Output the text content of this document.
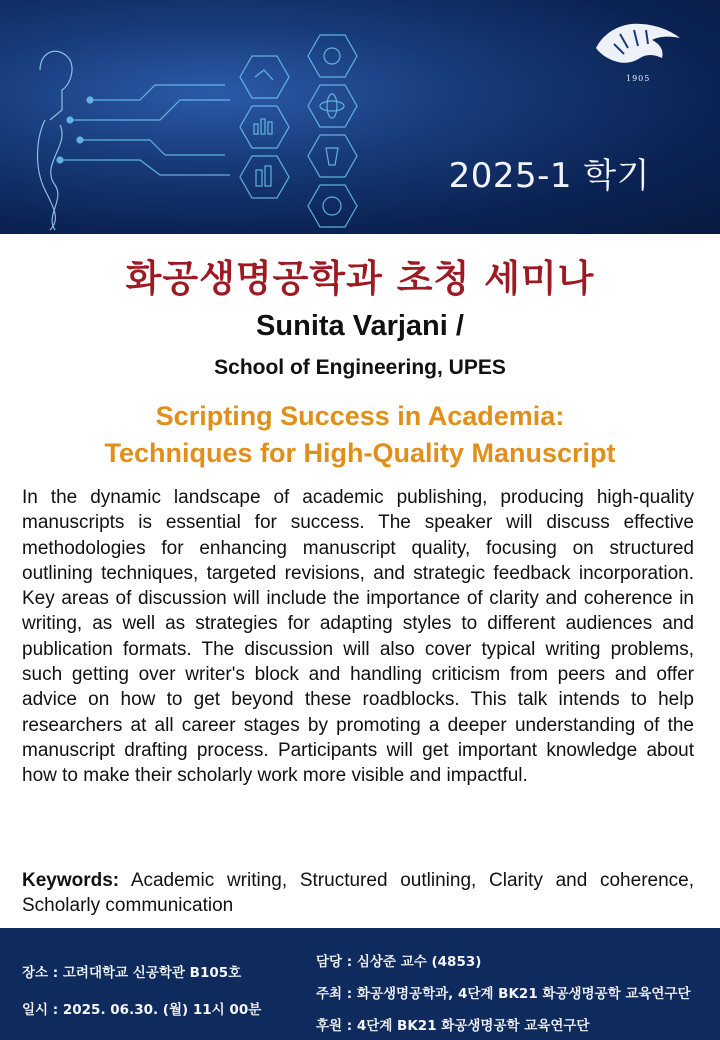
1905
2025-1 학기
화공생명공학과 초청 세미나
Sunita Varjani /
School of Engineering, UPES
Scripting Success in Academia:
Techniques for High-Quality Manuscript

In the dynamic landscape of academic publishing, producing high-quality manuscripts is essential for success. The speaker will discuss effective methodologies for enhancing manuscript quality, focusing on structured outlining techniques, targeted revisions, and strategic feedback incorporation. Key areas of discussion will include the importance of clarity and coherence in writing, as well as strategies for adapting styles to different audiences and publication formats. The discussion will also cover typical writing problems, such getting over writer's block and handling criticism from peers and offer advice on how to get beyond these roadblocks. This talk intends to help researchers at all career stages by promoting a deeper understanding of the manuscript drafting process. Participants will get important knowledge about how to make their scholarly work more visible and impactful.

Keywords: Academic writing, Structured outlining, Clarity and coherence, Scholarly communication

장소 : 고려대학교 신공학관 B105호
일시 : 2025. 06.30. (월) 11시 00분
담당 : 심상준 교수 (4853)
주최 : 화공생명공학과, 4단계 BK21 화공생명공학 교육연구단
후원 : 4단계 BK21 화공생명공학 교육연구단
